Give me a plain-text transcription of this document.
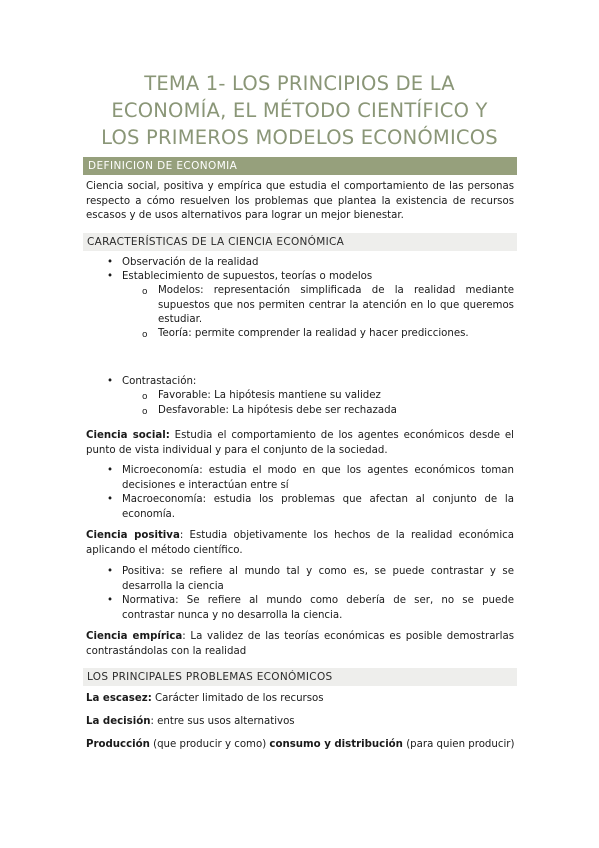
TEMA 1- LOS PRINCIPIOS DE LA
ECONOMÍA, EL MÉTODO CIENTÍFICO Y
LOS PRIMEROS MODELOS ECONÓMICOS
DEFINICION DE ECONOMIA
Ciencia social, positiva y empírica que estudia el comportamiento de las personas respecto a cómo resuelven los problemas que plantea la existencia de recursos escasos y de usos alternativos para lograr un mejor bienestar.
CARACTERÍSTICAS DE LA CIENCIA ECONÓMICA
• Observación de la realidad
• Establecimiento de supuestos, teorías o modelos
o Modelos: representación simplificada de la realidad mediante supuestos que nos permiten centrar la atención en lo que queremos estudiar.
o Teoría: permite comprender la realidad y hacer predicciones.
• Contrastación:
o Favorable: La hipótesis mantiene su validez
o Desfavorable: La hipótesis debe ser rechazada
Ciencia social: Estudia el comportamiento de los agentes económicos desde el punto de vista individual y para el conjunto de la sociedad.
• Microeconomía: estudia el modo en que los agentes económicos toman decisiones e interactúan entre sí
• Macroeconomía: estudia los problemas que afectan al conjunto de la economía.
Ciencia positiva: Estudia objetivamente los hechos de la realidad económica aplicando el método científico.
• Positiva: se refiere al mundo tal y como es, se puede contrastar y se desarrolla la ciencia
• Normativa: Se refiere al mundo como debería de ser, no se puede contrastar nunca y no desarrolla la ciencia.
Ciencia empírica: La validez de las teorías económicas es posible demostrarlas contrastándolas con la realidad
LOS PRINCIPALES PROBLEMAS ECONÓMICOS
La escasez: Carácter limitado de los recursos
La decisión: entre sus usos alternativos
Producción (que producir y como) consumo y distribución (para quien producir)
